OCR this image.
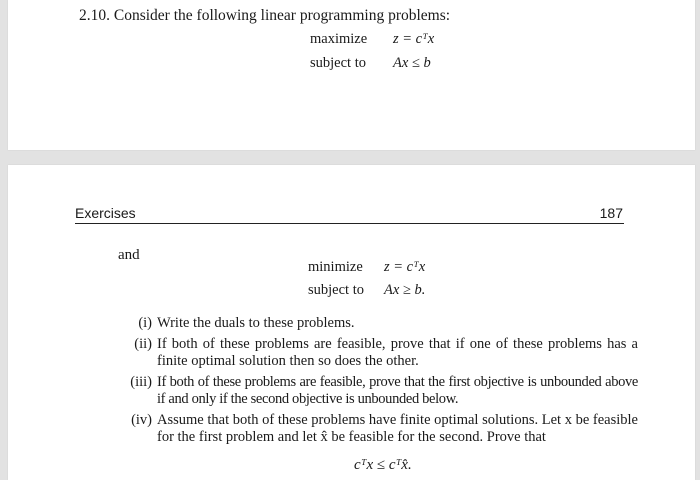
2.10. Consider the following linear programming problems:
maximize z = cᵀx
subject to Ax ≤ b
Exercises	187
and
minimize z = cᵀx
subject to Ax ≥ b.
(i) Write the duals to these problems.
(ii) If both of these problems are feasible, prove that if one of these problems has a finite optimal solution then so does the other.
(iii) If both of these problems are feasible, prove that the first objective is unbounded above if and only if the second objective is unbounded below.
(iv) Assume that both of these problems have finite optimal solutions. Let x be feasible for the first problem and let x̂ be feasible for the second. Prove that
cᵀx ≤ cᵀx̂.
